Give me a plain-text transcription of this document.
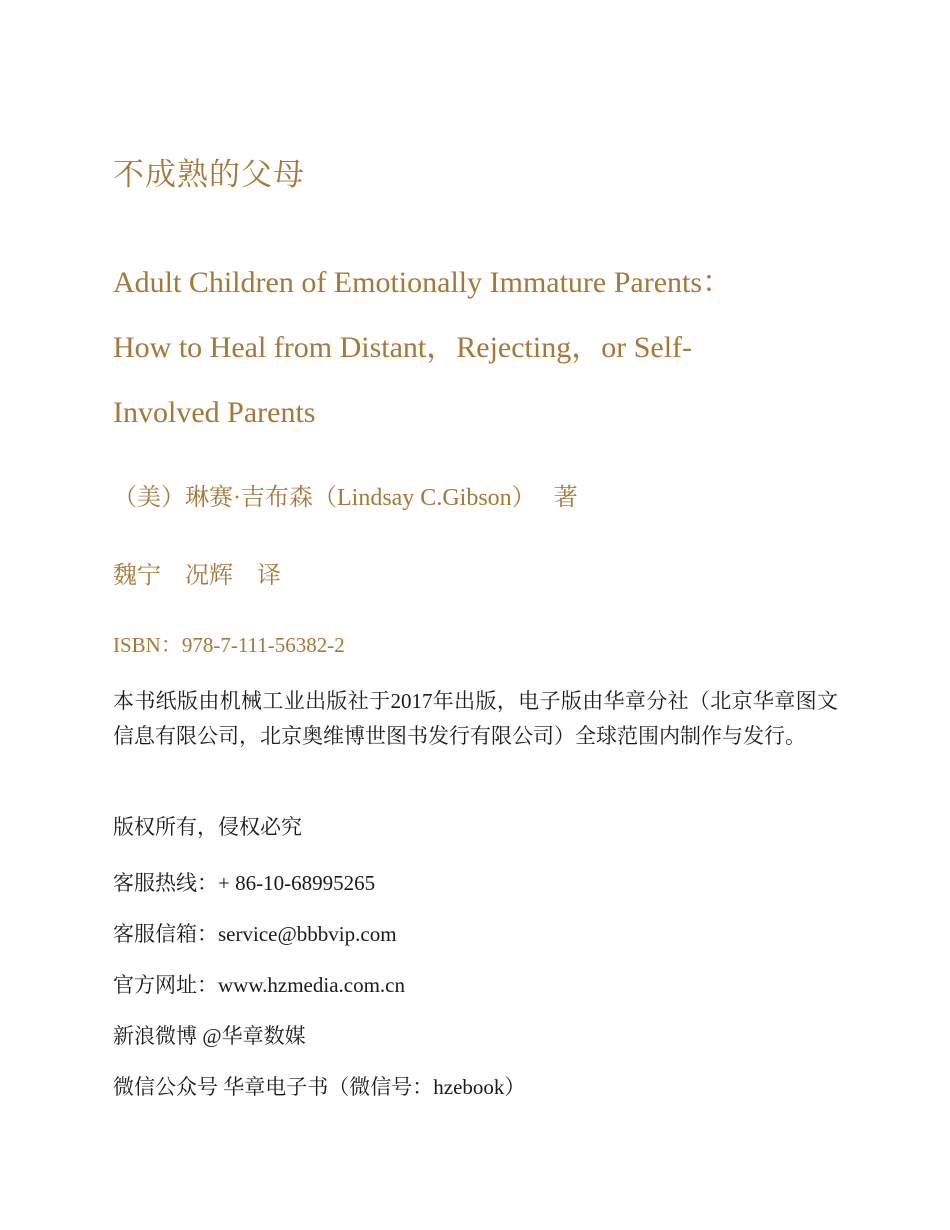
不成熟的父母
Adult Children of Emotionally Immature Parents：
How to Heal from Distant，Rejecting，or Self-
Involved Parents
（美）琳赛·吉布森（Lindsay C.Gibson）　 著
魏宁　况辉　译
ISBN：978-7-111-56382-2

本书纸版由机械工业出版社于2017年出版，电子版由华章分社（北京华章图文信息有限公司，北京奥维博世图书发行有限公司）全球范围内制作与发行。

版权所有，侵权必究
客服热线：+ 86-10-68995265
客服信箱：service@bbbvip.com
官方网址：www.hzmedia.com.cn
新浪微博 @华章数媒
微信公众号 华章电子书（微信号：hzebook）
